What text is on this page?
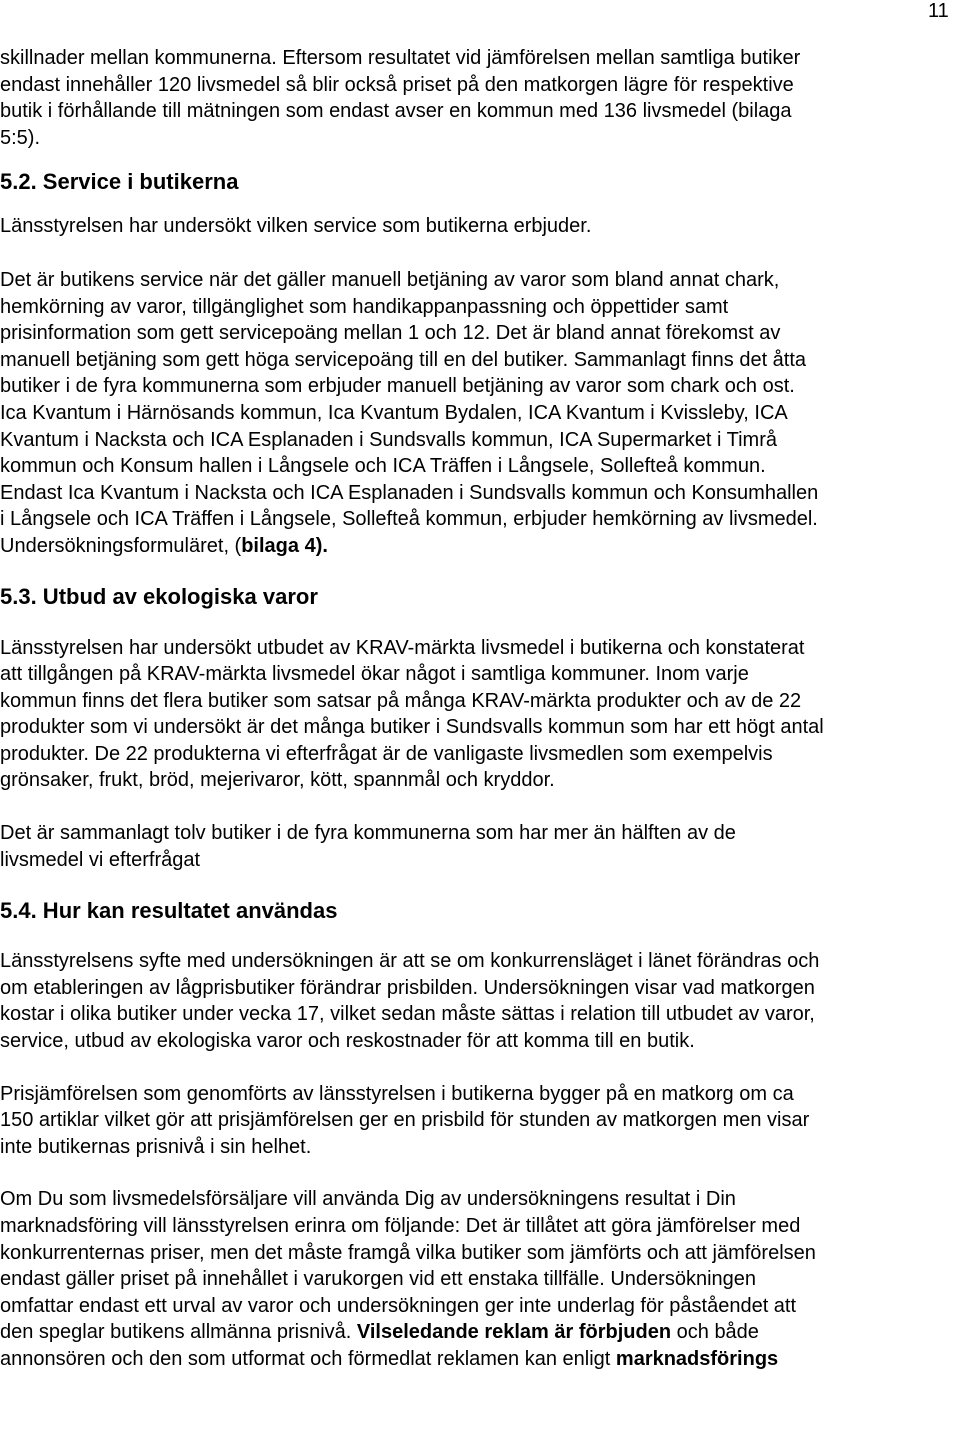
11

skillnader mellan kommunerna. Eftersom resultatet vid jämförelsen mellan samtliga butiker
endast innehåller 120 livsmedel så blir också priset på den matkorgen lägre för respektive
butik i förhållande till mätningen som endast avser en kommun med 136 livsmedel (bilaga
5:5).

5.2. Service i butikerna

Länsstyrelsen har undersökt vilken service som butikerna erbjuder.

Det är butikens service när det gäller manuell betjäning av varor som bland annat chark,
hemkörning av varor, tillgänglighet som handikappanpassning och öppettider samt
prisinformation som gett servicepoäng mellan 1 och 12. Det är bland annat förekomst av
manuell betjäning som gett höga servicepoäng till en del butiker. Sammanlagt finns det åtta
butiker i de fyra kommunerna som erbjuder manuell betjäning av varor som chark och ost.
Ica Kvantum i Härnösands kommun, Ica Kvantum Bydalen, ICA Kvantum i Kvissleby, ICA
Kvantum i Nacksta och ICA Esplanaden i Sundsvalls kommun, ICA Supermarket i Timrå
kommun och Konsum hallen i Långsele och ICA Träffen i Långsele, Sollefteå kommun.
Endast Ica Kvantum i Nacksta och ICA Esplanaden i Sundsvalls kommun och Konsumhallen
i Långsele och ICA Träffen i Långsele, Sollefteå kommun, erbjuder hemkörning av livsmedel.
Undersökningsformuläret, (bilaga 4).

5.3. Utbud av ekologiska varor

Länsstyrelsen har undersökt utbudet av KRAV-märkta livsmedel i butikerna och konstaterat
att tillgången på KRAV-märkta livsmedel ökar något i samtliga kommuner. Inom varje
kommun finns det flera butiker som satsar på många KRAV-märkta produkter och av de 22
produkter som vi undersökt är det många butiker i Sundsvalls kommun som har ett högt antal
produkter. De 22 produkterna vi efterfrågat är de vanligaste livsmedlen som exempelvis
grönsaker, frukt, bröd, mejerivaror, kött, spannmål och kryddor.

Det är sammanlagt tolv butiker i de fyra kommunerna som har mer än hälften av de
livsmedel vi efterfrågat

5.4. Hur kan resultatet användas

Länsstyrelsens syfte med undersökningen är att se om konkurrensläget i länet förändras och
om etableringen av lågprisbutiker förändrar prisbilden. Undersökningen visar vad matkorgen
kostar i olika butiker under vecka 17, vilket sedan måste sättas i relation till utbudet av varor,
service, utbud av ekologiska varor och reskostnader för att komma till en butik.

Prisjämförelsen som genomförts av länsstyrelsen i butikerna bygger på en matkorg om ca
150 artiklar vilket gör att prisjämförelsen ger en prisbild för stunden av matkorgen men visar
inte butikernas prisnivå i sin helhet.

Om Du som livsmedelsförsäljare vill använda Dig av undersökningens resultat i Din
marknadsföring vill länsstyrelsen erinra om följande: Det är tillåtet att göra jämförelser med
konkurrenternas priser, men det måste framgå vilka butiker som jämförts och att jämförelsen
endast gäller priset på innehållet i varukorgen vid ett enstaka tillfälle. Undersökningen
omfattar endast ett urval av varor och undersökningen ger inte underlag för påståendet att
den speglar butikens allmänna prisnivå. Vilseledande reklam är förbjuden och både
annonsören och den som utformat och förmedlat reklamen kan enligt marknadsförings
